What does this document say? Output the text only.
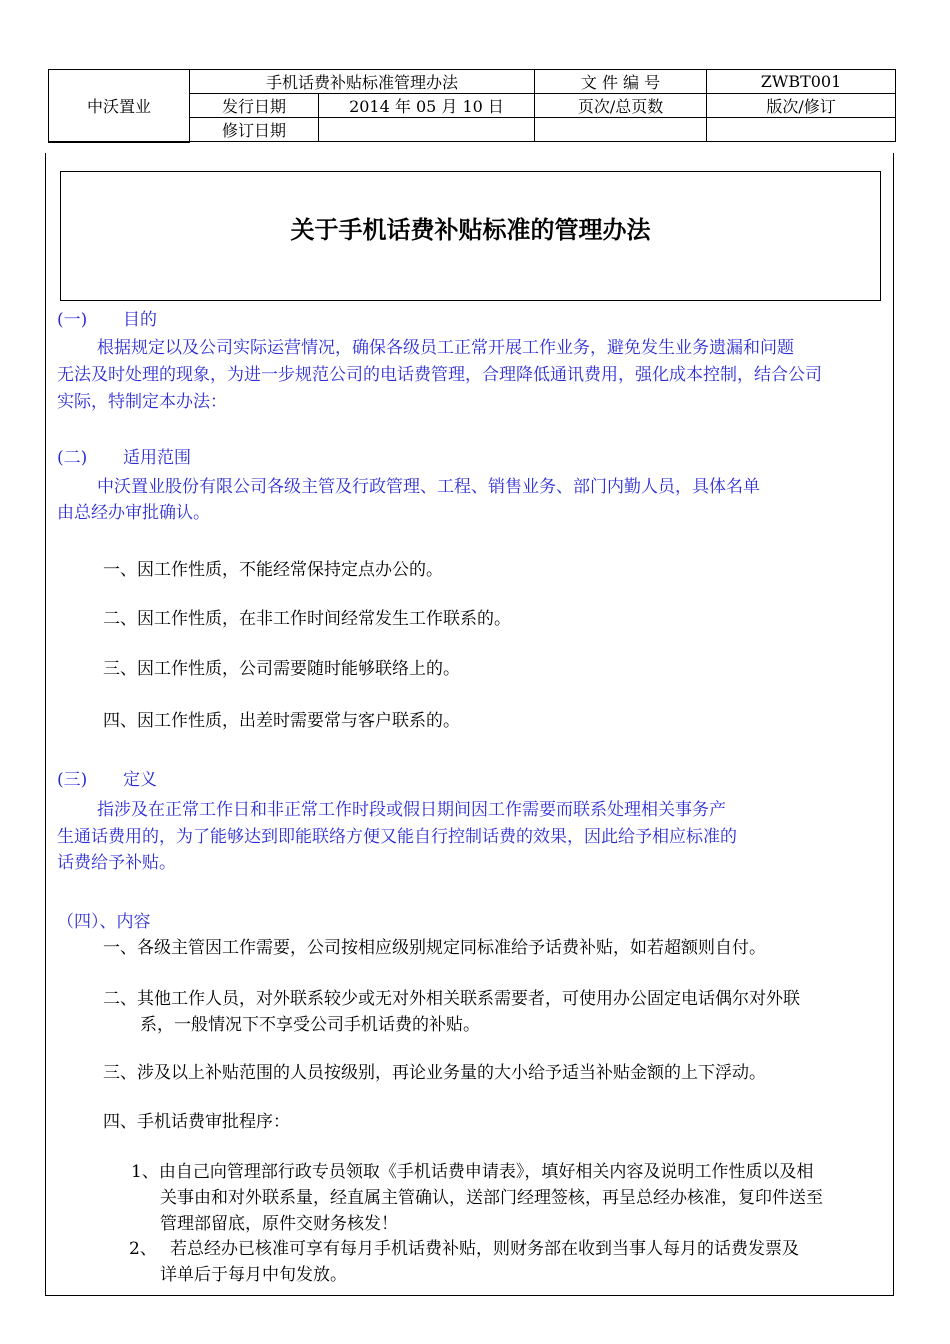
中沃置业	手机话费补贴标准管理办法		文 件 编 号	ZWBT001
	发行日期	2014 年 05 月 10 日	页次/总页数	版次/修订
	修订日期			
关于手机话费补贴标准的管理办法
(一) 目的
根据规定以及公司实际运营情况，确保各级员工正常开展工作业务，避免发生业务遗漏和问题
无法及时处理的现象，为进一步规范公司的电话费管理，合理降低通讯费用，强化成本控制，结合公司
实际，特制定本办法：
(二) 适用范围
中沃置业股份有限公司各级主管及行政管理、工程、销售业务、部门内勤人员，具体名单
由总经办审批确认。
一、因工作性质，不能经常保持定点办公的。
二、因工作性质，在非工作时间经常发生工作联系的。
三、因工作性质，公司需要随时能够联络上的。
四、因工作性质，出差时需要常与客户联系的。
(三) 定义
指涉及在正常工作日和非正常工作时段或假日期间因工作需要而联系处理相关事务产
生通话费用的，为了能够达到即能联络方便又能自行控制话费的效果，因此给予相应标准的
话费给予补贴。
（四）、内容
一、各级主管因工作需要，公司按相应级别规定同标准给予话费补贴，如若超额则自付。
二、其他工作人员，对外联系较少或无对外相关联系需要者，可使用办公固定电话偶尔对外联
系，一般情况下不享受公司手机话费的补贴。
三、涉及以上补贴范围的人员按级别，再论业务量的大小给予适当补贴金额的上下浮动。
四、手机话费审批程序：
1、由自己向管理部行政专员领取《手机话费申请表》，填好相关内容及说明工作性质以及相
关事由和对外联系量，经直属主管确认，送部门经理签核，再呈总经办核准，复印件送至
管理部留底，原件交财务核发！
2、 若总经办已核准可享有每月手机话费补贴，则财务部在收到当事人每月的话费发票及
详单后于每月中旬发放。
